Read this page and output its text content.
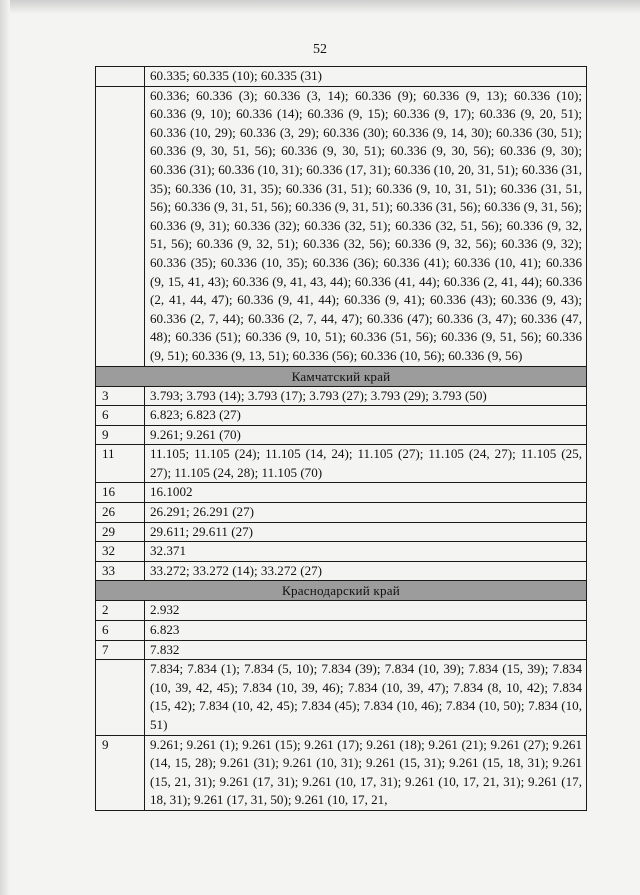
52
	60.335; 60.335 (10); 60.335 (31)
	60.336; 60.336 (3); 60.336 (3, 14); 60.336 (9); 60.336 (9, 13); 60.336 (10); 60.336 (9, 10); 60.336 (14); 60.336 (9, 15); 60.336 (9, 17); 60.336 (9, 20, 51); 60.336 (10, 29); 60.336 (3, 29); 60.336 (30); 60.336 (9, 14, 30); 60.336 (30, 51); 60.336 (9, 30, 51, 56); 60.336 (9, 30, 51); 60.336 (9, 30, 56); 60.336 (9, 30); 60.336 (31); 60.336 (10, 31); 60.336 (17, 31); 60.336 (10, 20, 31, 51); 60.336 (31, 35); 60.336 (10, 31, 35); 60.336 (31, 51); 60.336 (9, 10, 31, 51); 60.336 (31, 51, 56); 60.336 (9, 31, 51, 56); 60.336 (9, 31, 51); 60.336 (31, 56); 60.336 (9, 31, 56); 60.336 (9, 31); 60.336 (32); 60.336 (32, 51); 60.336 (32, 51, 56); 60.336 (9, 32, 51, 56); 60.336 (9, 32, 51); 60.336 (32, 56); 60.336 (9, 32, 56); 60.336 (9, 32); 60.336 (35); 60.336 (10, 35); 60.336 (36); 60.336 (41); 60.336 (10, 41); 60.336 (9, 15, 41, 43); 60.336 (9, 41, 43, 44); 60.336 (41, 44); 60.336 (2, 41, 44); 60.336 (2, 41, 44, 47); 60.336 (9, 41, 44); 60.336 (9, 41); 60.336 (43); 60.336 (9, 43); 60.336 (2, 7, 44); 60.336 (2, 7, 44, 47); 60.336 (47); 60.336 (3, 47); 60.336 (47, 48); 60.336 (51); 60.336 (9, 10, 51); 60.336 (51, 56); 60.336 (9, 51, 56); 60.336 (9, 51); 60.336 (9, 13, 51); 60.336 (56); 60.336 (10, 56); 60.336 (9, 56)
Камчатский край	
3	3.793; 3.793 (14); 3.793 (17); 3.793 (27); 3.793 (29); 3.793 (50)
6	6.823; 6.823 (27)
9	9.261; 9.261 (70)
11	11.105; 11.105 (24); 11.105 (14, 24); 11.105 (27); 11.105 (24, 27); 11.105 (25, 27); 11.105 (24, 28); 11.105 (70)
16	16.1002
26	26.291; 26.291 (27)
29	29.611; 29.611 (27)
32	32.371
33	33.272; 33.272 (14); 33.272 (27)
Краснодарский край	
2	2.932
6	6.823
7	7.832
	7.834; 7.834 (1); 7.834 (5, 10); 7.834 (39); 7.834 (10, 39); 7.834 (15, 39); 7.834 (10, 39, 42, 45); 7.834 (10, 39, 46); 7.834 (10, 39, 47); 7.834 (8, 10, 42); 7.834 (15, 42); 7.834 (10, 42, 45); 7.834 (45); 7.834 (10, 46); 7.834 (10, 50); 7.834 (10, 51)
9	9.261; 9.261 (1); 9.261 (15); 9.261 (17); 9.261 (18); 9.261 (21); 9.261 (27); 9.261 (14, 15, 28); 9.261 (31); 9.261 (10, 31); 9.261 (15, 31); 9.261 (15, 18, 31); 9.261 (15, 21, 31); 9.261 (17, 31); 9.261 (10, 17, 31); 9.261 (10, 17, 21, 31); 9.261 (17, 18, 31); 9.261 (17, 31, 50); 9.261 (10, 17, 21,
